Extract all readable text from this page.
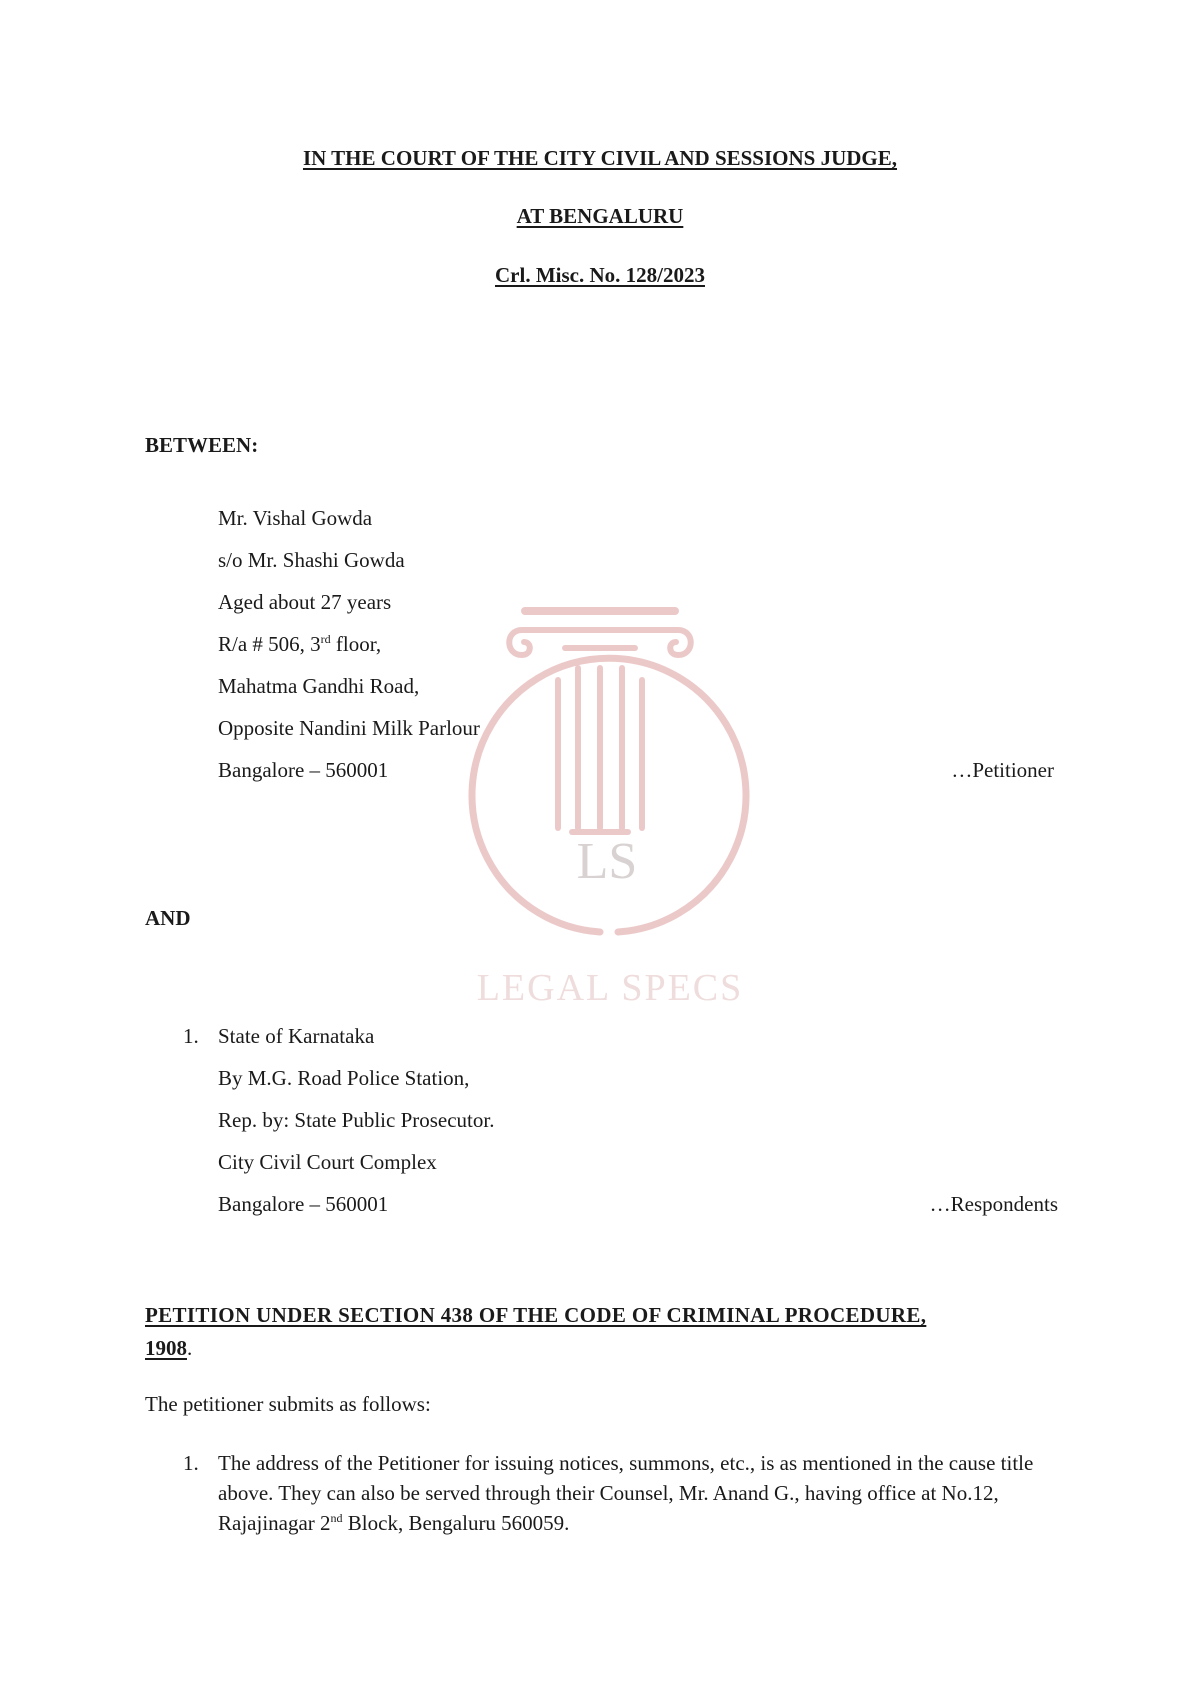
LS
LEGAL SPECS
IN THE COURT OF THE CITY CIVIL AND SESSIONS JUDGE,
AT BENGALURU
Crl. Misc. No. 128/2023
BETWEEN:
Mr. Vishal Gowda
s/o Mr. Shashi Gowda
Aged about 27 years
R/a # 506, 3rd floor,
Mahatma Gandhi Road,
Opposite Nandini Milk Parlour
Bangalore – 560001	…Petitioner
AND
1. State of Karnataka
By M.G. Road Police Station,
Rep. by: State Public Prosecutor.
City Civil Court Complex
Bangalore – 560001	…Respondents
PETITION UNDER SECTION 438 OF THE CODE OF CRIMINAL PROCEDURE,
1908.
The petitioner submits as follows:
1. The address of the Petitioner for issuing notices, summons, etc., is as mentioned in the cause title above. They can also be served through their Counsel, Mr. Anand G., having office at No.12, Rajajinagar 2nd Block, Bengaluru 560059.
